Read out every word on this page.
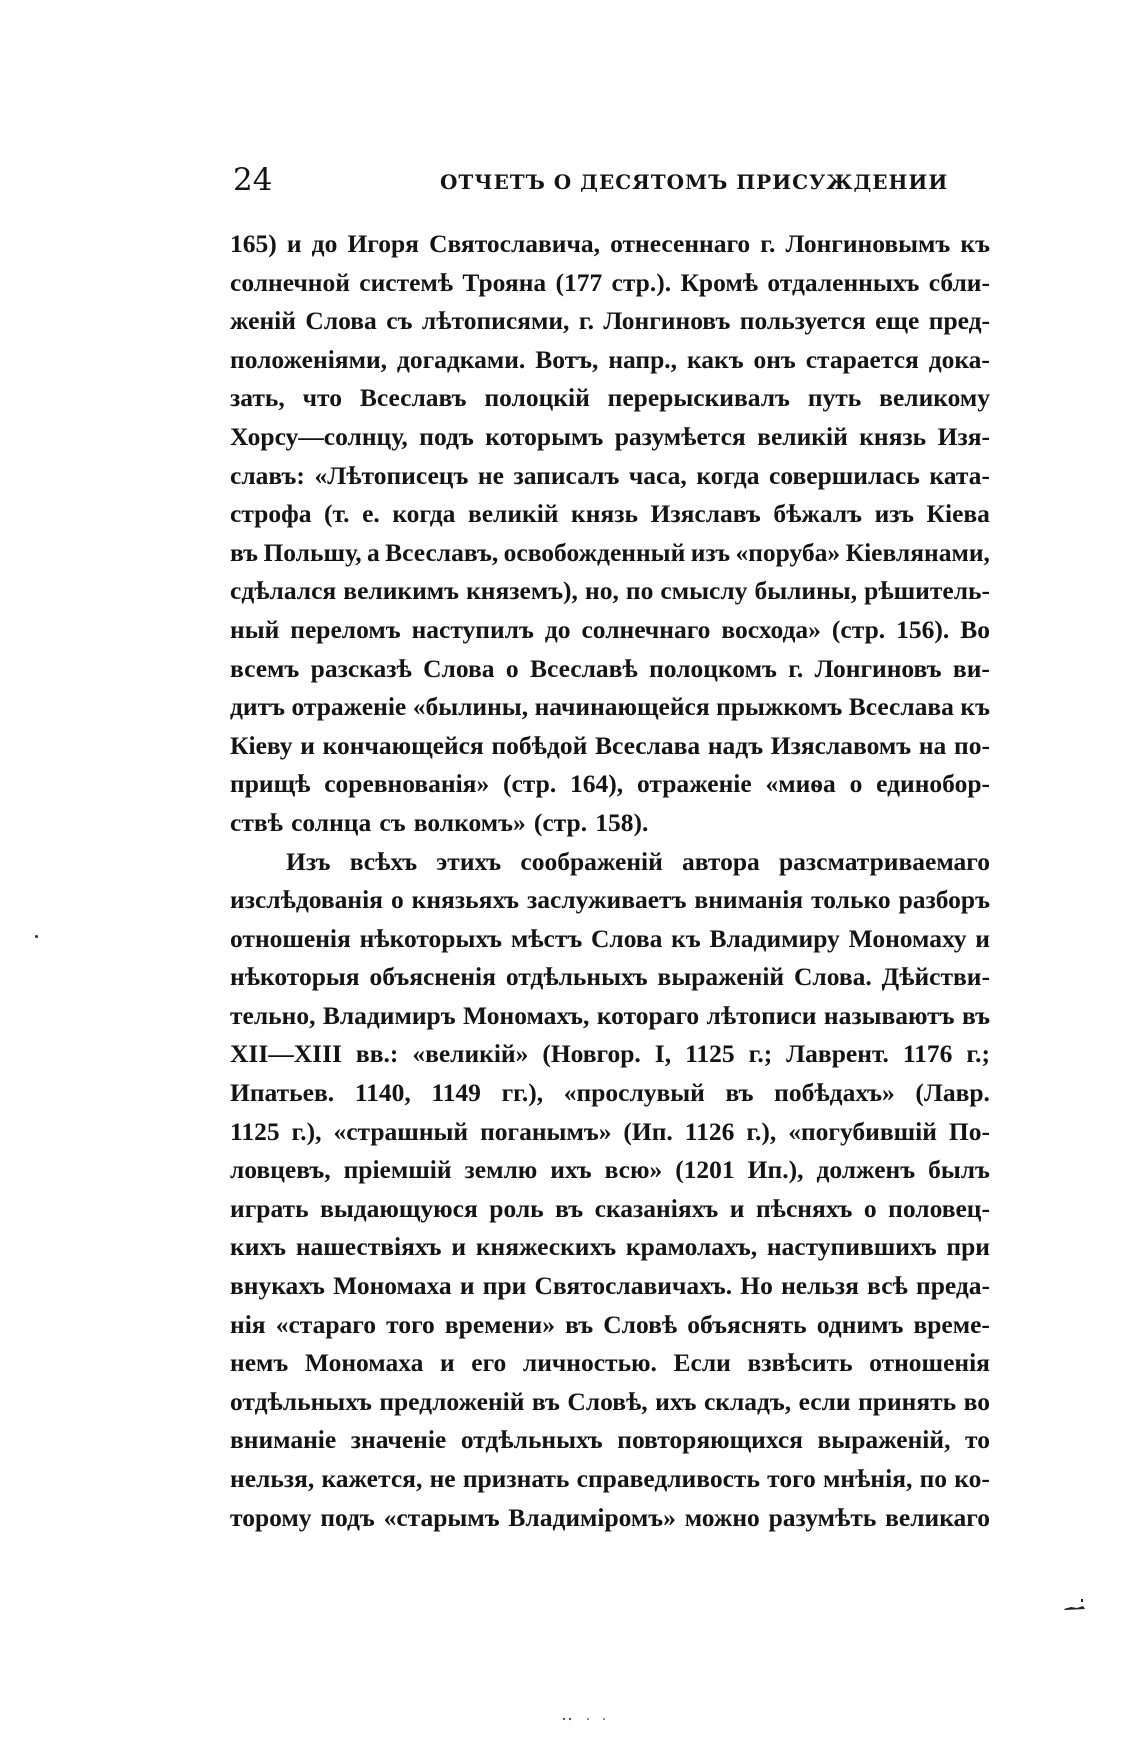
24	ОТЧЕТЪ О ДЕСЯТОМЪ ПРИСУЖДЕНИИ
165) и до Игоря Святославича, отнесеннаго г. Лонгиновымъ къ
солнечной системѣ Трояна (177 стр.). Кромѣ отдаленныхъ сбли-
женій Слова съ лѣтописями, г. Лонгиновъ пользуется еще пред-
положеніями, догадками. Вотъ, напр., какъ онъ старается дока-
зать, что Всеславъ полоцкій перерыскивалъ путь великому
Хорсу—солнцу, подъ которымъ разумѣется великій князь Изя-
славъ: «Лѣтописецъ не записалъ часа, когда совершилась ката-
строфа (т. е. когда великій князь Изяславъ бѣжалъ изъ Кіева
въ Польшу, а Всеславъ, освобожденный изъ «поруба» Кіевлянами,
сдѣлался великимъ княземъ), но, по смыслу былины, рѣшитель-
ный переломъ наступилъ до солнечнаго восхода» (стр. 156). Во
всемъ разсказѣ Слова о Всеславѣ полоцкомъ г. Лонгиновъ ви-
дитъ отраженіе «былины, начинающейся прыжкомъ Всеслава къ
Кіеву и кончающейся побѣдой Всеслава надъ Изяславомъ на по-
прищѣ соревнованія» (стр. 164), отраженіе «миѳа о единобор-
ствѣ солнца съ волкомъ» (стр. 158).
Изъ всѣхъ этихъ соображеній автора разсматриваемаго
изслѣдованія о князьяхъ заслуживаетъ вниманія только разборъ
отношенія нѣкоторыхъ мѣстъ Слова къ Владимиру Мономаху и
нѣкоторыя объясненія отдѣльныхъ выраженій Слова. Дѣйстви-
тельно, Владимиръ Мономахъ, котораго лѣтописи называютъ въ
XII—XIII вв.: «великій» (Новгор. I, 1125 г.; Лаврент. 1176 г.;
Ипатьев. 1140, 1149 гг.), «прослувый въ побѣдахъ» (Лавр.
1125 г.), «страшный поганымъ» (Ип. 1126 г.), «погубившій По-
ловцевъ, пріемшій землю ихъ всю» (1201 Ип.), долженъ былъ
играть выдающуюся роль въ сказаніяхъ и пѣсняхъ о половец-
кихъ нашествіяхъ и княжескихъ крамолахъ, наступившихъ при
внукахъ Мономаха и при Святославичахъ. Но нельзя всѣ преда-
нія «стараго того времени» въ Словѣ объяснять однимъ време-
немъ Мономаха и его личностью. Если взвѣсить отношенія
отдѣльныхъ предложеній въ Словѣ, ихъ складъ, если принять во
вниманіе значеніе отдѣльныхъ повторяющихся выраженій, то
нельзя, кажется, не признать справедливость того мнѣнія, по ко-
торому подъ «старымъ Владиміромъ» можно разумѣть великаго
